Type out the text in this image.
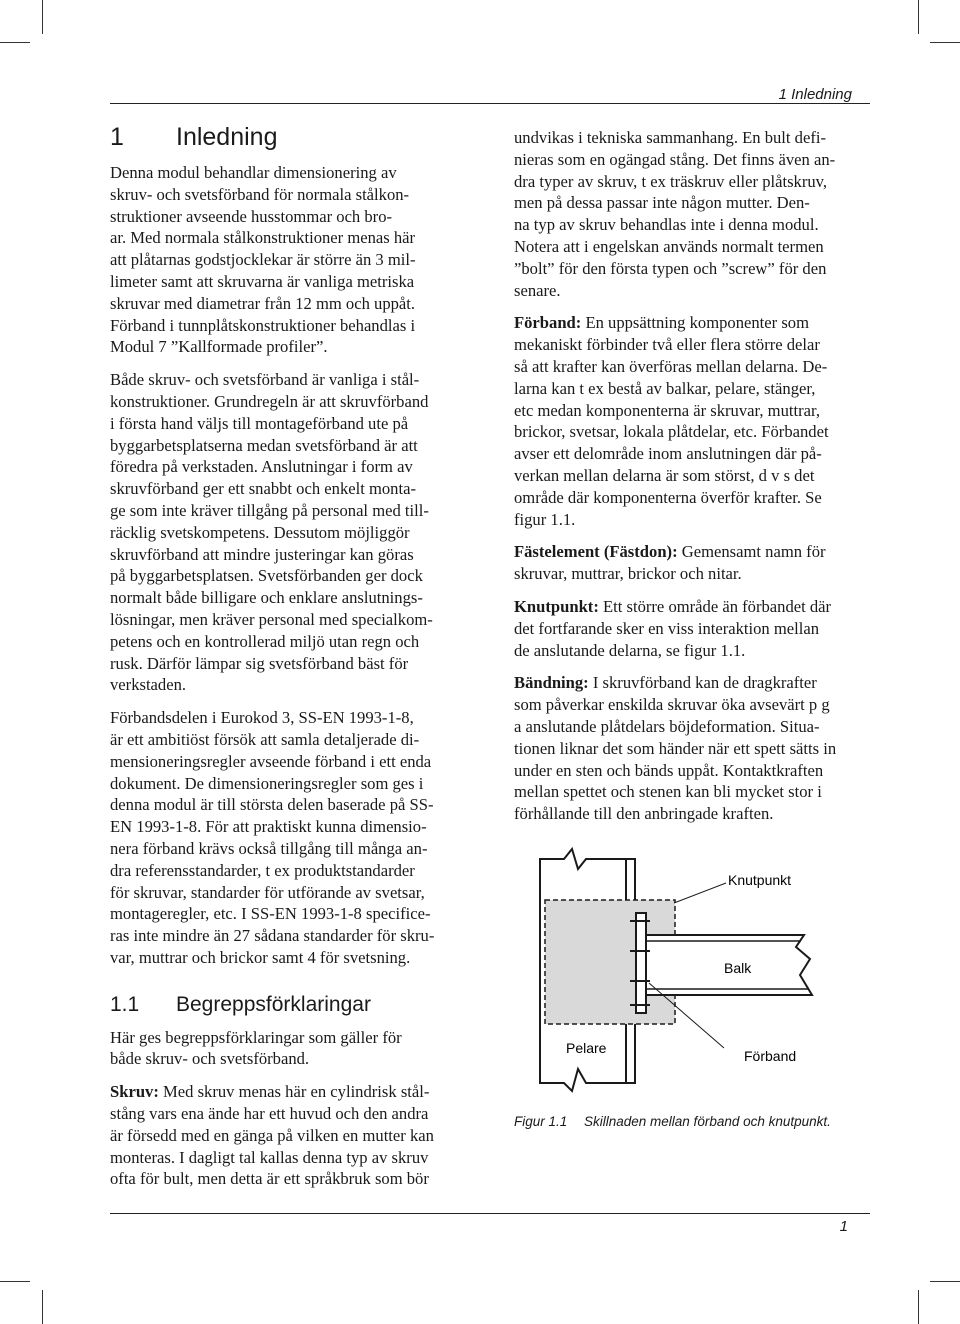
1 Inledning
1 Inledning

Denna modul behandlar dimensionering av
skruv- och svetsförband för normala stålkon-
struktioner avseende husstommar och bro-
ar. Med normala stålkonstruktioner menas här
att plåtarnas godstjocklekar är större än 3 mil-
limeter samt att skruvarna är vanliga metriska
skruvar med diametrar från 12 mm och uppåt.
Förband i tunnplåtskonstruktioner behandlas i
Modul 7 ”Kallformade profiler”.

Både skruv- och svetsförband är vanliga i stål-
konstruktioner. Grundregeln är att skruvförband
i första hand väljs till montageförband ute på
byggarbetsplatserna medan svetsförband är att
föredra på verkstaden. Anslutningar i form av
skruvförband ger ett snabbt och enkelt monta-
ge som inte kräver tillgång på personal med till-
räcklig svetskompetens. Dessutom möjliggör
skruvförband att mindre justeringar kan göras
på byggarbetsplatsen. Svetsförbanden ger dock
normalt både billigare och enklare anslutnings-
lösningar, men kräver personal med specialkom-
petens och en kontrollerad miljö utan regn och
rusk. Därför lämpar sig svetsförband bäst för
verkstaden.

Förbandsdelen i Eurokod 3, SS-EN 1993-1-8,
är ett ambitiöst försök att samla detaljerade di-
mensioneringsregler avseende förband i ett enda
dokument. De dimensioneringsregler som ges i
denna modul är till största delen baserade på SS-
EN 1993-1-8. För att praktiskt kunna dimensio-
nera förband krävs också tillgång till många an-
dra referensstandarder, t ex produktstandarder
för skruvar, standarder för utförande av svetsar,
montageregler, etc. I SS-EN 1993-1-8 specifice-
ras inte mindre än 27 sådana standarder för skru-
var, muttrar och brickor samt 4 för svetsning.

1.1 Begreppsförklaringar

Här ges begreppsförklaringar som gäller för
både skruv- och svetsförband.

Skruv: Med skruv menas här en cylindrisk stål-
stång vars ena ände har ett huvud och den andra
är försedd med en gänga på vilken en mutter kan
monteras. I dagligt tal kallas denna typ av skruv
ofta för bult, men detta är ett språkbruk som bör

undvikas i tekniska sammanhang. En bult defi-
nieras som en ogängad stång. Det finns även an-
dra typer av skruv, t ex träskruv eller plåtskruv,
men på dessa passar inte någon mutter. Den-
na typ av skruv behandlas inte i denna modul.
Notera att i engelskan används normalt termen
”bolt” för den första typen och ”screw” för den
senare.

Förband: En uppsättning komponenter som
mekaniskt förbinder två eller flera större delar
så att krafter kan överföras mellan delarna. De-
larna kan t ex bestå av balkar, pelare, stänger,
etc medan komponenterna är skruvar, muttrar,
brickor, svetsar, lokala plåtdelar, etc. Förbandet
avser ett delområde inom anslutningen där på-
verkan mellan delarna är som störst, d v s det
område där komponenterna överför krafter. Se
figur 1.1.

Fästelement (Fästdon): Gemensamt namn för
skruvar, muttrar, brickor och nitar.

Knutpunkt: Ett större område än förbandet där
det fortfarande sker en viss interaktion mellan
de anslutande delarna, se figur 1.1.

Bändning: I skruvförband kan de dragkrafter
som påverkar enskilda skruvar öka avsevärt p g
a anslutande plåtdelars böjdeformation. Situa-
tionen liknar det som händer när ett spett sätts in
under en sten och bänds uppåt. Kontaktkraften
mellan spettet och stenen kan bli mycket stor i
förhållande till den anbringade kraften.

Knutpunkt
Balk
Pelare	Förband
Figur 1.1 Skillnaden mellan förband och knutpunkt.
1
